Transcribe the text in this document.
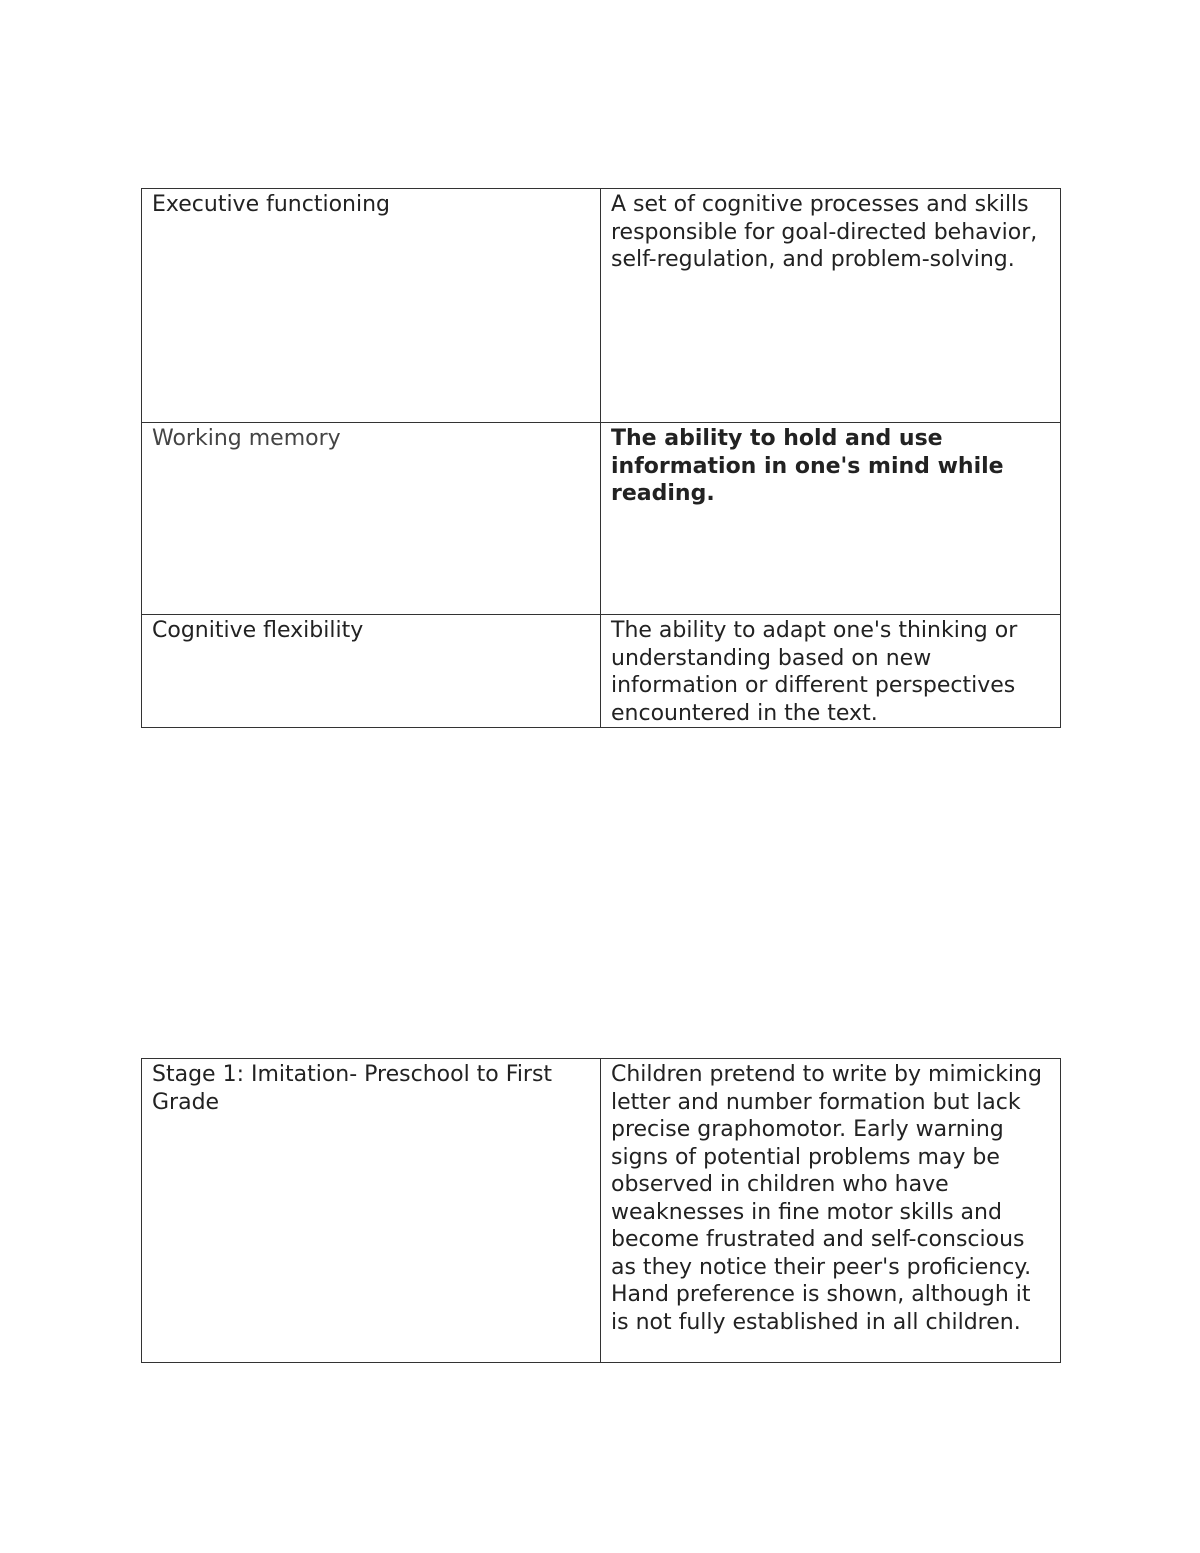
Executive functioning	A set of cognitive processes and skills responsible for goal-directed behavior, self-regulation, and problem-solving.
Working memory	The ability to hold and use information in one's mind while reading.
Cognitive flexibility	The ability to adapt one's thinking or understanding based on new information or different perspectives encountered in the text.
Stage 1: Imitation- Preschool to First Grade	Children pretend to write by mimicking letter and number formation but lack precise graphomotor. Early warning signs of potential problems may be observed in children who have weaknesses in fine motor skills and become frustrated and self-conscious as they notice their peer's proficiency. Hand preference is shown, although it is not fully established in all children.
